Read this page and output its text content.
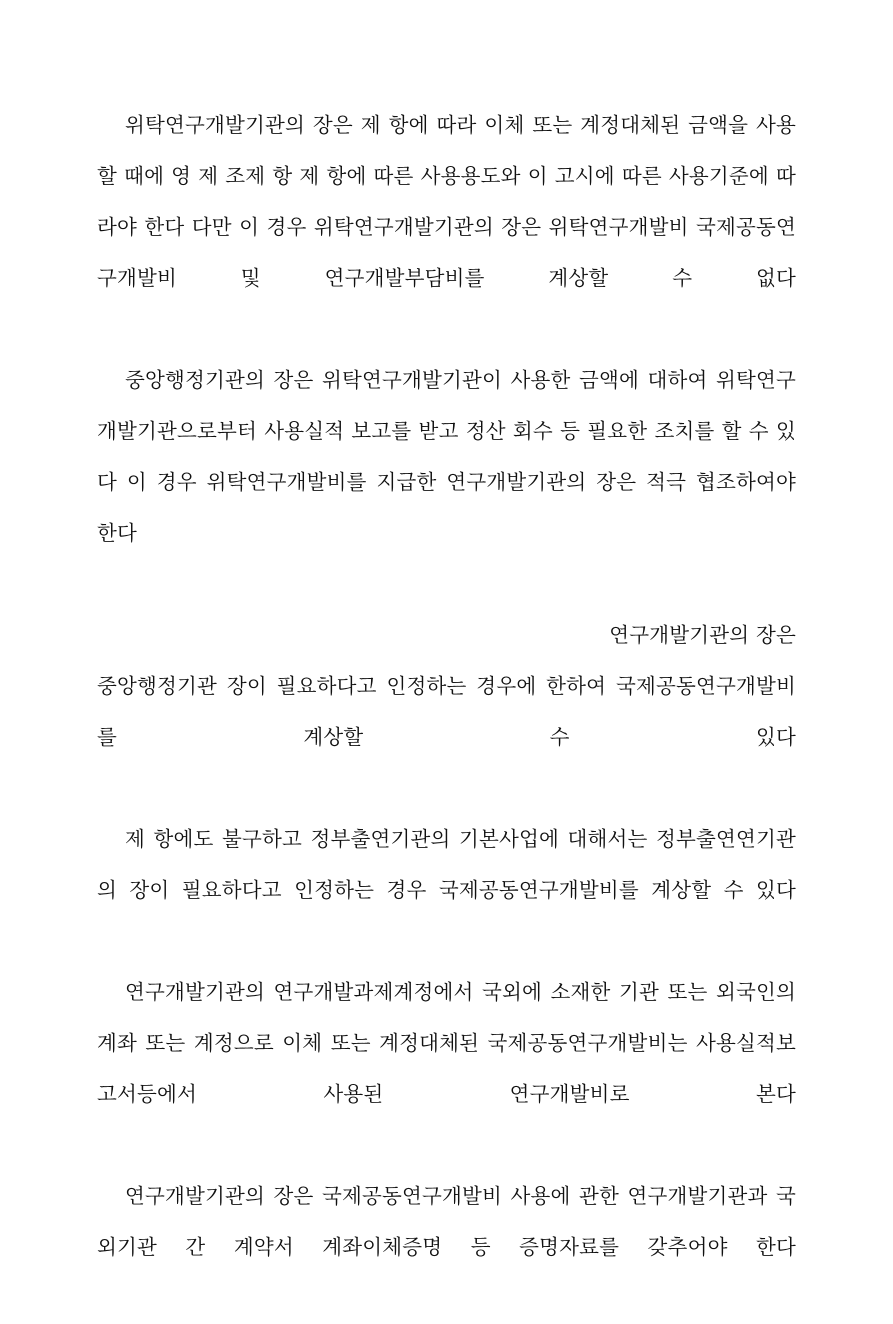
위탁연구개발기관의 장은 제 항에 따라 이체 또는 계정대체된 금액을 사용할 때에 영 제 조제 항 제 항에 따른 사용용도와 이 고시에 따른 사용기준에 따라야 한다 다만 이 경우 위탁연구개발기관의 장은 위탁연구개발비 국제공동연구개발비 및 연구개발부담비를 계상할 수 없다

중앙행정기관의 장은 위탁연구개발기관이 사용한 금액에 대하여 위탁연구개발기관으로부터 사용실적 보고를 받고 정산 회수 등 필요한 조치를 할 수 있다 이 경우 위탁연구개발비를 지급한 연구개발기관의 장은 적극 협조하여야 한다

연구개발기관의 장은
중앙행정기관 장이 필요하다고 인정하는 경우에 한하여 국제공동연구개발비를 계상할 수 있다

제 항에도 불구하고 정부출연기관의 기본사업에 대해서는 정부출연연기관의 장이 필요하다고 인정하는 경우 국제공동연구개발비를 계상할 수 있다

연구개발기관의 연구개발과제계정에서 국외에 소재한 기관 또는 외국인의 계좌 또는 계정으로 이체 또는 계정대체된 국제공동연구개발비는 사용실적보고서등에서 사용된 연구개발비로 본다

연구개발기관의 장은 국제공동연구개발비 사용에 관한 연구개발기관과 국외기관 간 계약서 계좌이체증명 등 증명자료를 갖추어야 한다
